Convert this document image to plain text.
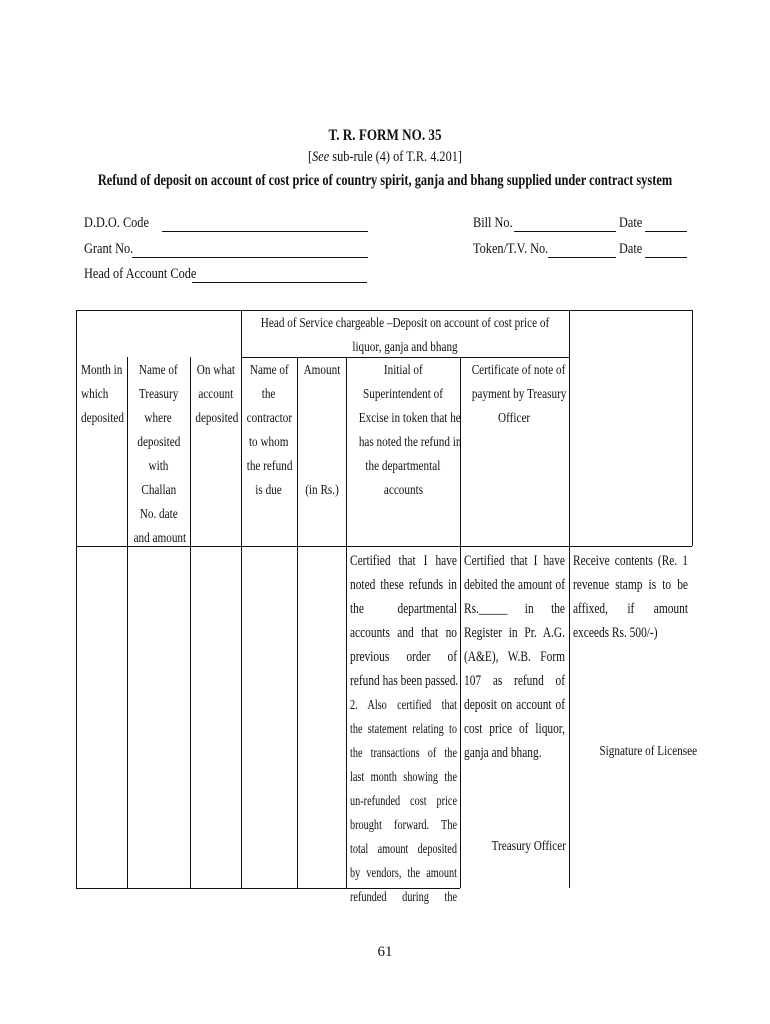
T. R. FORM NO. 35
[See sub-rule (4) of T.R. 4.201]
Refund of deposit on account of cost price of country spirit, ganja and bhang supplied under contract system
D.D.O. Code
Grant No.
Head of Account Code
Bill No.	Date
Token/T.V. No.	Date
Head of Service chargeable –Deposit on account of cost price of liquor, ganja and bhang
Month in
which
deposited
Name of
Treasury
where
deposited
with
Challan
No. date
and amount
On what
account
deposited
Name of
the
contractor
to whom
the refund
is due
Amount
(in Rs.)
Initial of
Superintendent of
Excise in token that he
has noted the refund in
the departmental
accounts
Certificate of note of
payment by Treasury
Officer
Certified that I have
noted these refunds in
the departmental
accounts and that no
previous order of
refund has been passed.
2. Also certified that
the statement relating to
the transactions of the
last month showing the
un-refunded cost price
brought forward. The
total amount deposited
by vendors, the amount
refunded during the
Certified that I have
debited the amount of
Rs._____ in the
Register in Pr. A.G.
(A&E), W.B. Form
107 as refund of
deposit on account of
cost price of liquor,
ganja and bhang.
Treasury Officer
Receive contents (Re. 1
revenue stamp is to be
affixed, if amount
exceeds Rs. 500/-)
Signature of Licensee
61
